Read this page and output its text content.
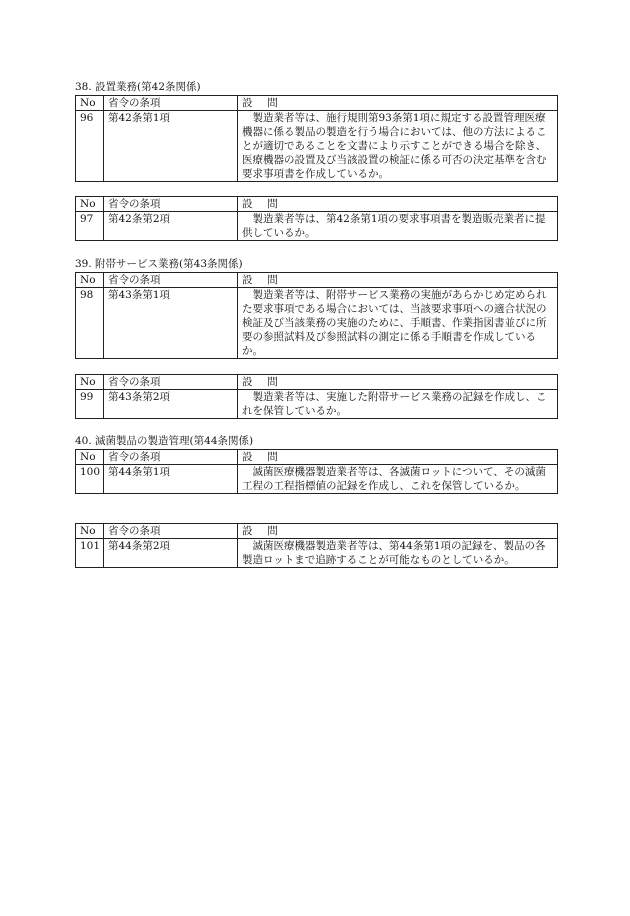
38. 設置業務(第42条関係)
No	省令の条項	設　問
96	第42条第1項	製造業者等は、施行規則第93条第1項に規定する設置管理医療機器に係る製品の製造を行う場合においては、他の方法によることが適切であることを文書により示すことができる場合を除き、医療機器の設置及び当該設置の検証に係る可否の決定基準を含む要求事項書を作成しているか。
No	省令の条項	設　問
97	第42条第2項	製造業者等は、第42条第1項の要求事項書を製造販売業者に提供しているか。
39. 附帯サービス業務(第43条関係)
No	省令の条項	設　問
98	第43条第1項	製造業者等は、附帯サービス業務の実施があらかじめ定められた要求事項である場合においては、当該要求事項への適合状況の検証及び当該業務の実施のために、手順書、作業指図書並びに所要の参照試料及び参照試料の測定に係る手順書を作成しているか。
No	省令の条項	設　問
99	第43条第2項	製造業者等は、実施した附帯サービス業務の記録を作成し、これを保管しているか。
40. 滅菌製品の製造管理(第44条関係)
No	省令の条項	設　問
100	第44条第1項	滅菌医療機器製造業者等は、各滅菌ロットについて、その滅菌工程の工程指標値の記録を作成し、これを保管しているか。
No	省令の条項	設　問
101	第44条第2項	滅菌医療機器製造業者等は、第44条第1項の記録を、製品の各製造ロットまで追跡することが可能なものとしているか。
